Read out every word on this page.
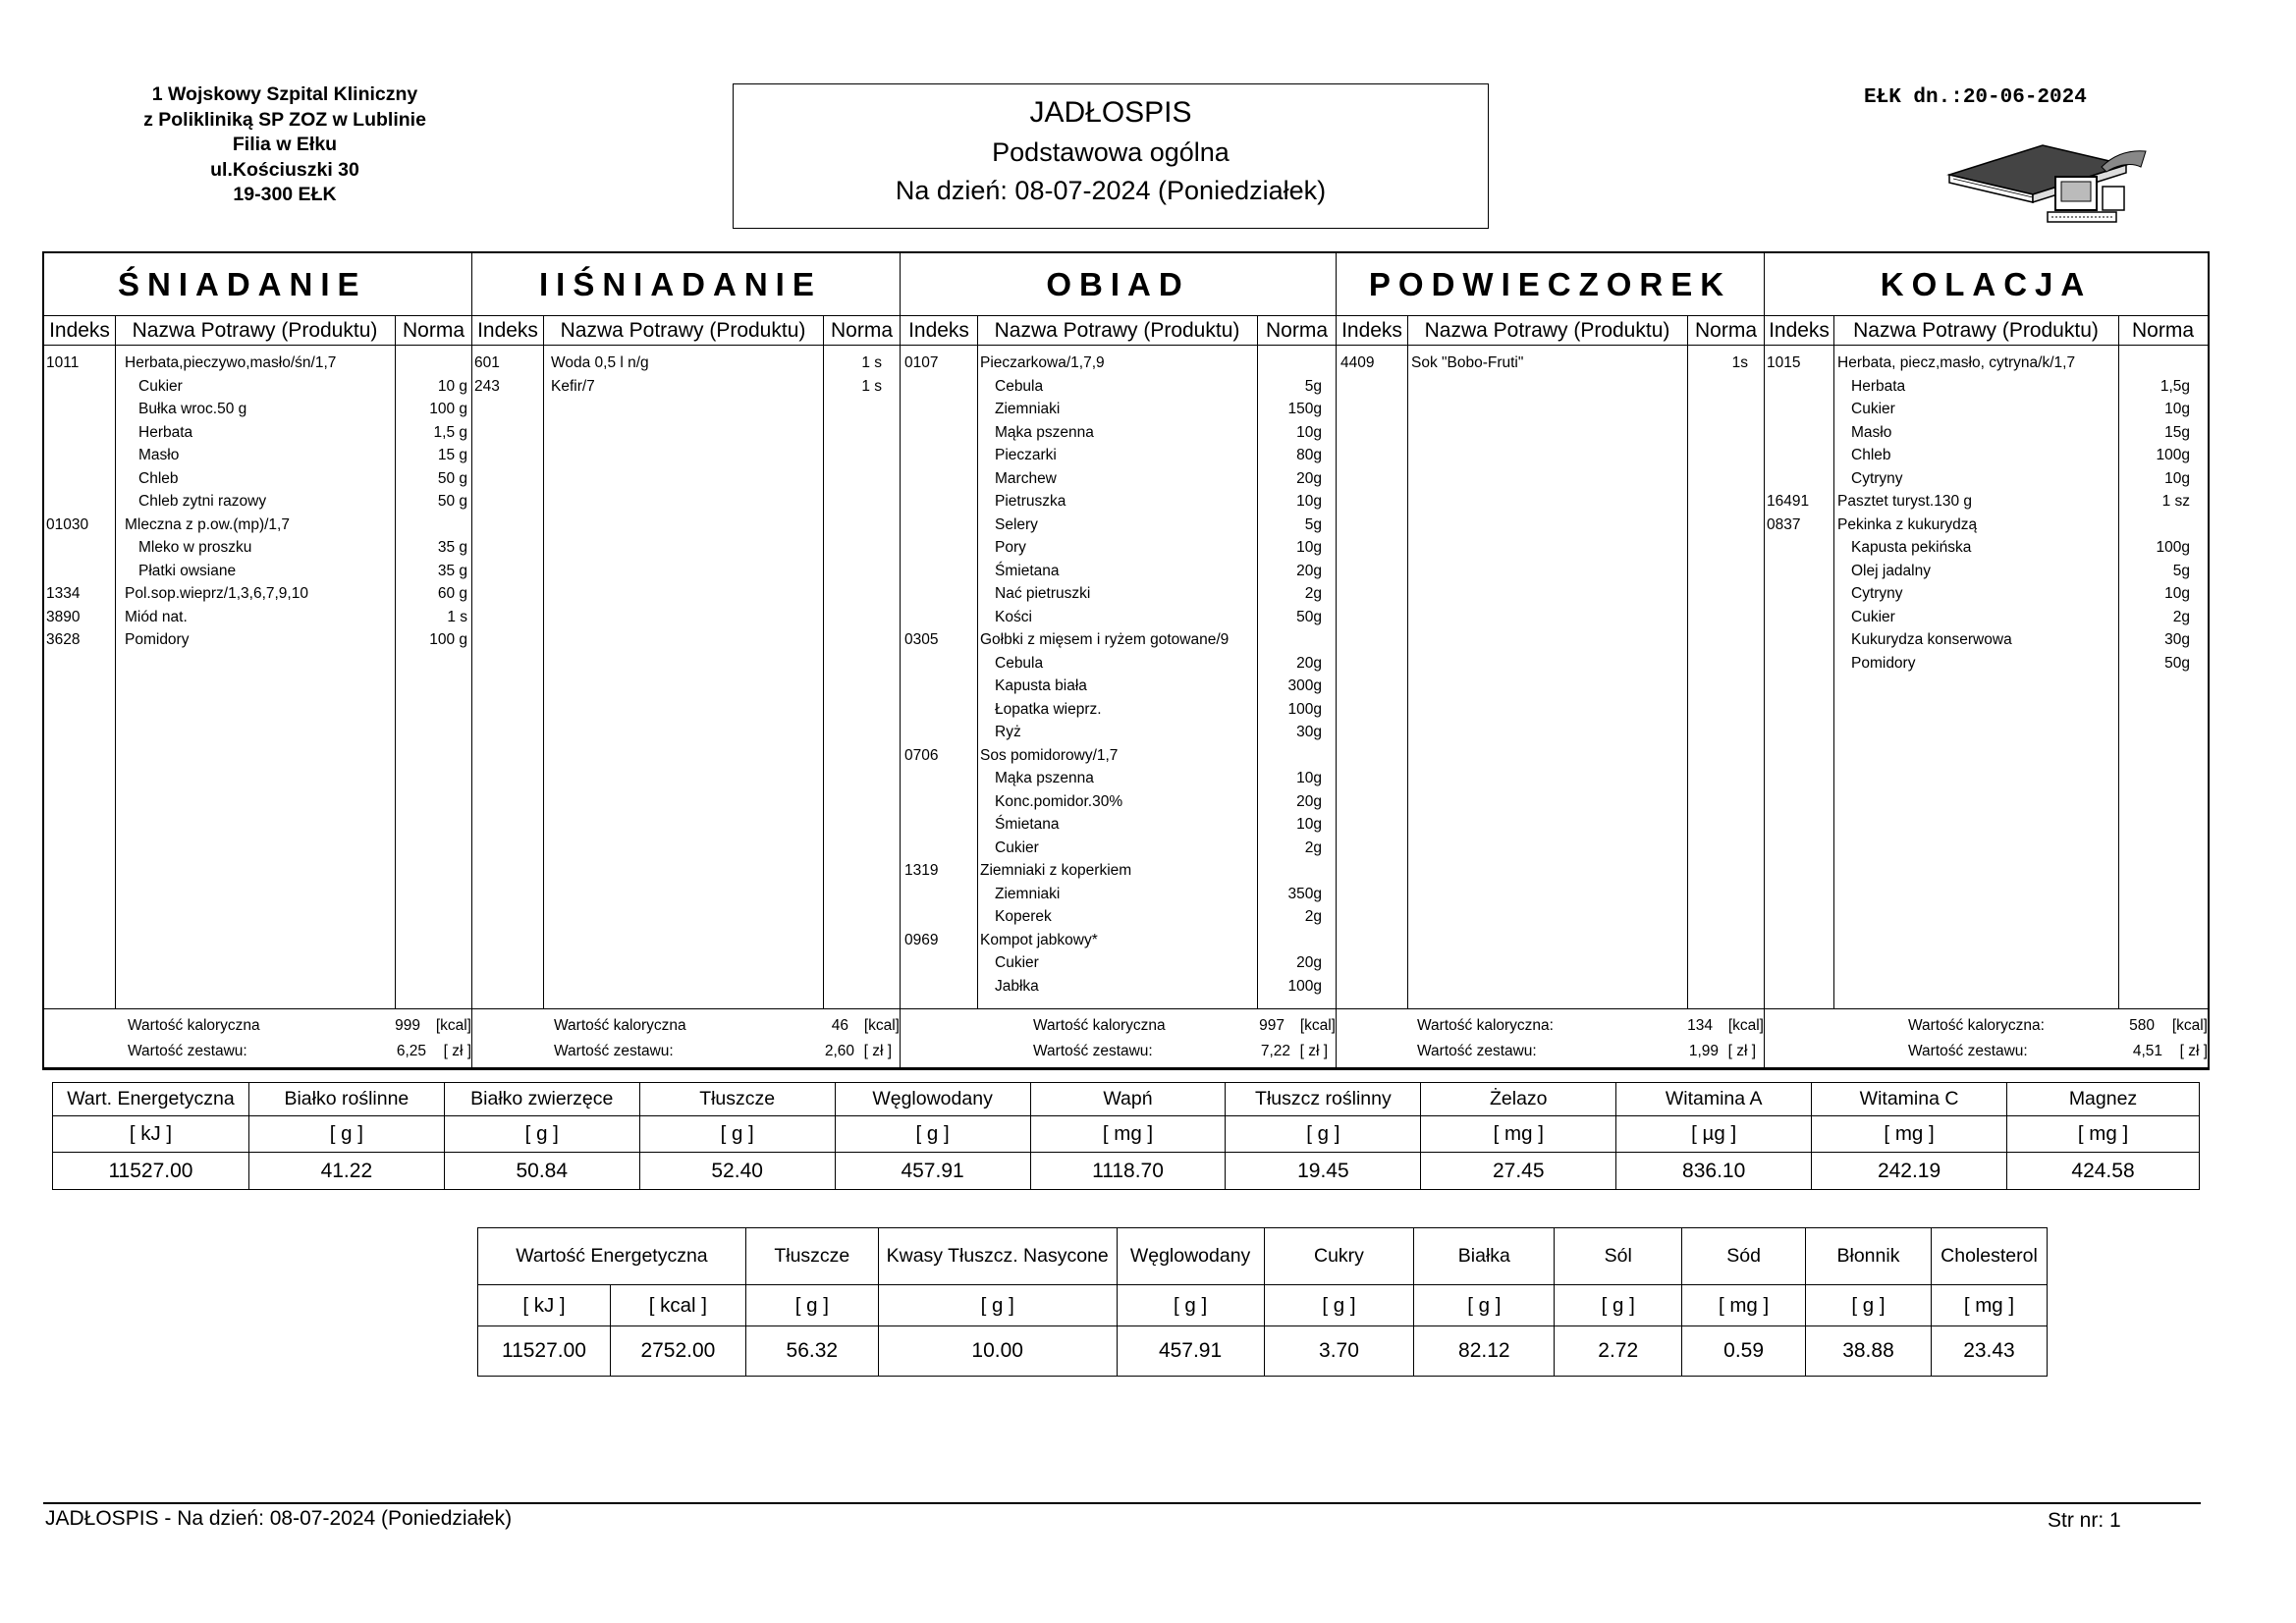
1 Wojskowy Szpital Kliniczny
z Polikliniką SP ZOZ w Lublinie
Filia w Ełku
ul.Kościuszki 30
19-300 EŁK
JADŁOSPIS
Podstawowa ogólna
Na dzień: 08-07-2024 (Poniedziałek)
EŁK dn.:20-06-2024
ŚNIADANIE
Indeks	Nazwa Potrawy (Produktu)	Norma
1011	Herbata,pieczywo,masło/śn/1,7
Cukier	10 g
Bułka wroc.50 g	100 g
Herbata	1,5 g
Masło	15 g
Chleb	50 g
Chleb zytni razowy	50 g
01030 Mleczna z p.ow.(mp)/1,7
Mleko w proszku	35 g
Płatki owsiane	35 g
1334	Pol.sop.wieprz/1,3,6,7,9,10	60 g
3890	Miód nat.	1 s
3628	Pomidory	100 g
Wartość kaloryczna	999 [kcal]
Wartość zestawu:	6,25 [ zł ]
IIŚNIADANIE
Indeks	Nazwa Potrawy (Produktu)	Norma
601	Woda 0,5 l n/g	1 s
243	Kefir/7	1 s
Wartość kaloryczna	46 [kcal]
Wartość zestawu:	2,60 [ zł ]
OBIAD
Indeks	Nazwa Potrawy (Produktu)	Norma
0107	Pieczarkowa/1,7,9
Cebula	5g
Ziemniaki	150g
Mąka pszenna	10g
Pieczarki	80g
Marchew	20g
Pietruszka	10g
Selery	5g
Pory	10g
Śmietana	20g
Nać pietruszki	2g
Kości	50g
0305	Gołbki z mięsem i ryżem gotowane/9
Cebula	20g
Kapusta biała	300g
Łopatka wieprz.	100g
Ryż	30g
0706	Sos pomidorowy/1,7
Mąka pszenna	10g
Konc.pomidor.30%	20g
Śmietana	10g
Cukier	2g
1319	Ziemniaki z koperkiem
Ziemniaki	350g
Koperek	2g
0969	Kompot jabkowy*
Cukier	20g
Jabłka	100g
Wartość kaloryczna	997 [kcal]
Wartość zestawu:	7,22 [ zł ]
PODWIECZOREK
Indeks	Nazwa Potrawy (Produktu)	Norma
4409 Sok "Bobo-Fruti"	1s
Wartość kaloryczna:	134 [kcal]
Wartość zestawu:	1,99 [ zł ]
KOLACJA
Indeks	Nazwa Potrawy (Produktu)	Norma
1015 Herbata, piecz,masło, cytryna/k/1,7
Herbata	1,5g
Cukier	10g
Masło	15g
Chleb	100g
Cytryny	10g
16491 Pasztet turyst.130 g	1 sz
0837 Pekinka z kukurydzą
Kapusta pekińska	100g
Olej jadalny	5g
Cytryny	10g
Cukier	2g
Kukurydza konserwowa	30g
Pomidory	50g
Wartość kaloryczna:	580 [kcal]
Wartość zestawu:	4,51 [ zł ]
Wart. Energetyczna	Białko roślinne	Białko zwierzęce	Tłuszcze	Węglowodany	Wapń	Tłuszcz roślinny	Żelazo	Witamina A	Witamina C	Magnez
[ kJ ]	[ g ]	[ g ]	[ g ]	[ g ]	[ mg ]	[ g ]	[ mg ]	[ µg ]	[ mg ]	[ mg ]
11527.00	41.22	50.84	52.40	457.91	1118.70	19.45	27.45	836.10	242.19	424.58
Wartość Energetyczna		Tłuszcze	Kwasy Tłuszcz. Nasycone	Węglowodany	Cukry	Białka	Sól	Sód	Błonnik	Cholesterol
[ kJ ]	[ kcal ]	[ g ]	[ g ]	[ g ]	[ g ]	[ g ]	[ g ]	[ mg ]	[ g ]	[ mg ]
11527.00	2752.00	56.32	10.00	457.91	3.70	82.12	2.72	0.59	38.88	23.43
JADŁOSPIS - Na dzień: 08-07-2024 (Poniedziałek)	Str nr: 1
